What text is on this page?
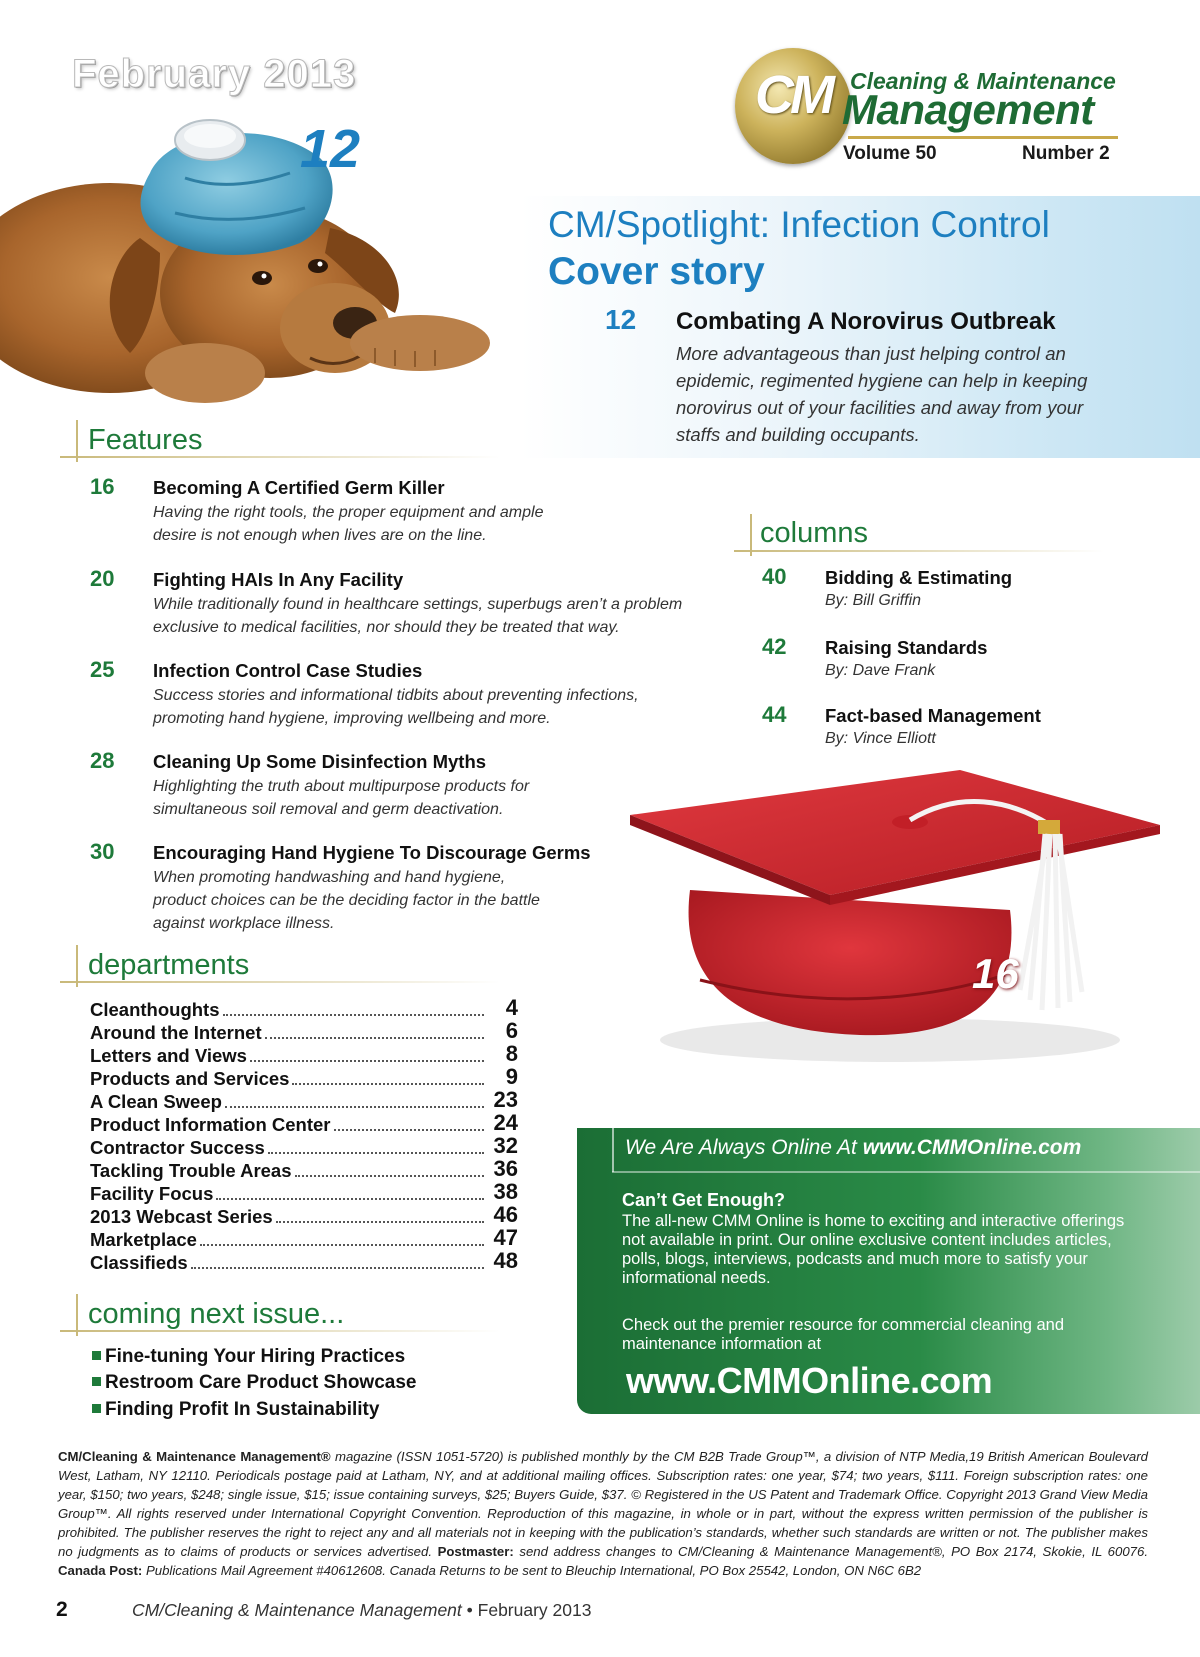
February 2013
12
CM Cleaning & Maintenance
Management
Volume 50	Number 2
CM/Spotlight: Infection Control
Cover story
12 Combating A Norovirus Outbreak
More advantageous than just helping control an epidemic, regimented hygiene can help in keeping norovirus out of your facilities and away from your staffs and building occupants.
Features
16 Becoming A Certified Germ Killer
Having the right tools, the proper equipment and ample desire is not enough when lives are on the line.
20 Fighting HAIs In Any Facility
While traditionally found in healthcare settings, superbugs aren’t a problem exclusive to medical facilities, nor should they be treated that way.
25 Infection Control Case Studies
Success stories and informational tidbits about preventing infections, promoting hand hygiene, improving wellbeing and more.
28 Cleaning Up Some Disinfection Myths
Highlighting the truth about multipurpose products for simultaneous soil removal and germ deactivation.
30 Encouraging Hand Hygiene To Discourage Germs
When promoting handwashing and hand hygiene, product choices can be the deciding factor in the battle against workplace illness.
columns
40 Bidding & Estimating
By: Bill Griffin
42 Raising Standards
By: Dave Frank
44 Fact-based Management
By: Vince Elliott
16
departments
Cleanthoughts	4
Around the Internet	6
Letters and Views	8
Products and Services	9
A Clean Sweep	23
Product Information Center	24
Contractor Success	32
Tackling Trouble Areas	36
Facility Focus	38
2013 Webcast Series	46
Marketplace	47
Classifieds	48
coming next issue...
Fine-tuning Your Hiring Practices
Restroom Care Product Showcase
Finding Profit In Sustainability
We Are Always Online At www.CMMOnline.com
Can’t Get Enough?
The all-new CMM Online is home to exciting and interactive offerings not available in print. Our online exclusive content includes articles, polls, blogs, interviews, podcasts and much more to satisfy your informational needs.
Check out the premier resource for commercial cleaning and maintenance information at
www.CMMOnline.com
CM/Cleaning & Maintenance Management® magazine (ISSN 1051-5720) is published monthly by the CM B2B Trade Group™, a division of NTP Media,19 British American Boulevard West, Latham, NY 12110. Periodicals postage paid at Latham, NY, and at additional mailing offices. Subscription rates: one year, $74; two years, $111. Foreign subscription rates: one year, $150; two years, $248; single issue, $15; issue containing surveys, $25; Buyers Guide, $37. © Registered in the US Patent and Trademark Office. Copyright 2013 Grand View Media Group™. All rights reserved under International Copyright Convention. Reproduction of this magazine, in whole or in part, without the express written permission of the publisher is prohibited. The publisher reserves the right to reject any and all materials not in keeping with the publication’s standards, whether such standards are written or not. The publisher makes no judgments as to claims of products or services advertised. Postmaster: send address changes to CM/Cleaning & Maintenance Management®, PO Box 2174, Skokie, IL 60076. Canada Post: Publications Mail Agreement #40612608. Canada Returns to be sent to Bleuchip International, PO Box 25542, London, ON N6C 6B2
2	CM/Cleaning & Maintenance Management • February 2013
